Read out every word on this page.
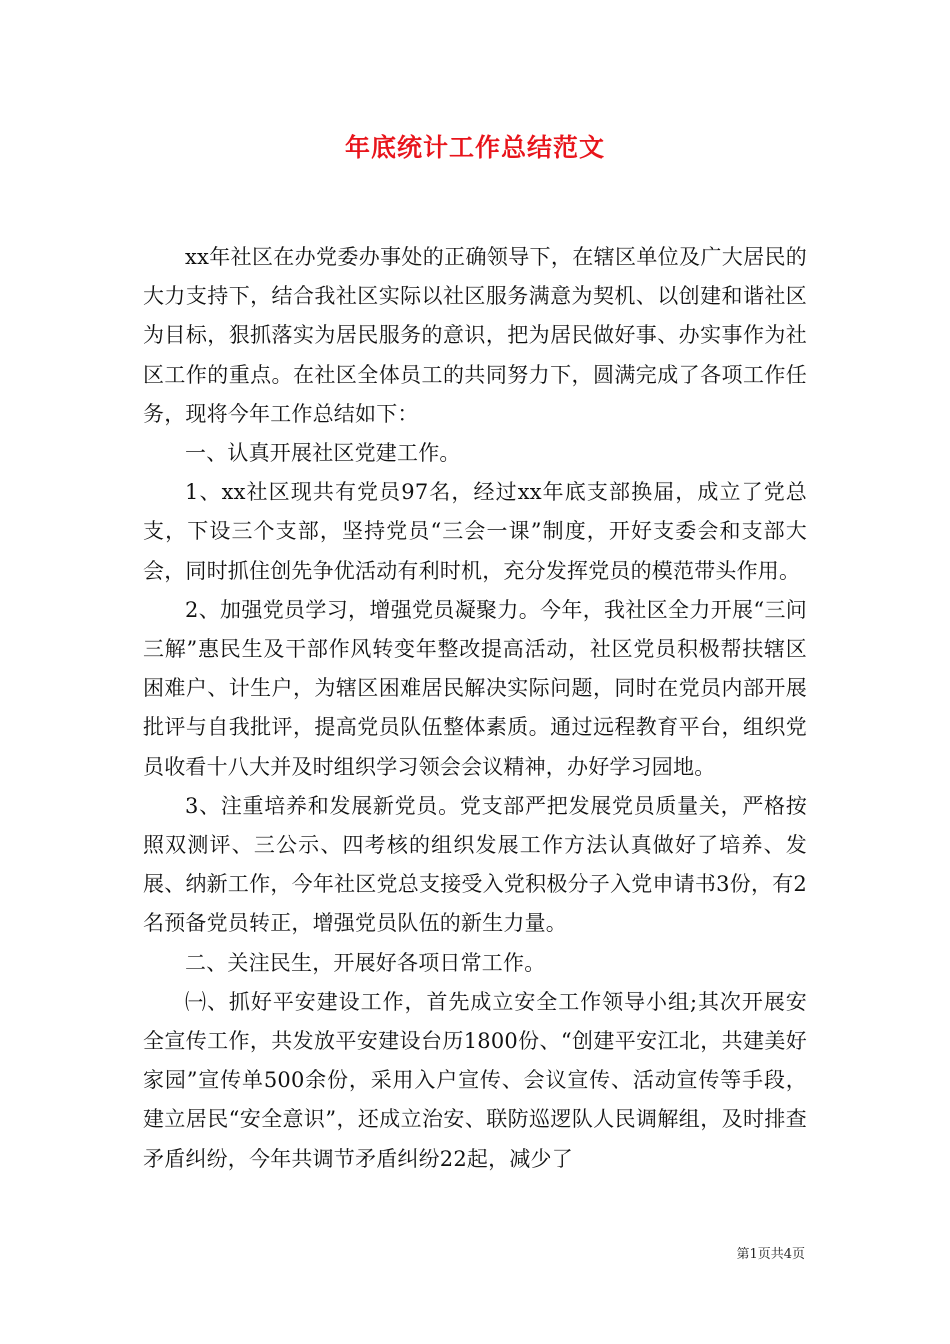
年底统计工作总结范文

xx年社区在办党委办事处的正确领导下，在辖区单位及广大居民的大力支持下，结合我社区实际以社区服务满意为契机、以创建和谐社区为目标，狠抓落实为居民服务的意识，把为居民做好事、办实事作为社区工作的重点。在社区全体员工的共同努力下，圆满完成了各项工作任务，现将今年工作总结如下：

一、认真开展社区党建工作。

1、xx社区现共有党员97名，经过xx年底支部换届，成立了党总支，下设三个支部，坚持党员“三会一课”制度，开好支委会和支部大会，同时抓住创先争优活动有利时机，充分发挥党员的模范带头作用。

2、加强党员学习，增强党员凝聚力。今年，我社区全力开展“三问三解”惠民生及干部作风转变年整改提高活动，社区党员积极帮扶辖区困难户、计生户，为辖区困难居民解决实际问题，同时在党员内部开展批评与自我批评，提高党员队伍整体素质。通过远程教育平台，组织党员收看十八大并及时组织学习领会会议精神，办好学习园地。

3、注重培养和发展新党员。党支部严把发展党员质量关，严格按照双测评、三公示、四考核的组织发展工作方法认真做好了培养、发展、纳新工作，今年社区党总支接受入党积极分子入党申请书3份，有2名预备党员转正，增强党员队伍的新生力量。

二、关注民生，开展好各项日常工作。

㈠、抓好平安建设工作，首先成立安全工作领导小组;其次开展安全宣传工作，共发放平安建设台历1800份、“创建平安江北，共建美好家园”宣传单500余份，采用入户宣传、会议宣传、活动宣传等手段，建立居民“安全意识”，还成立治安、联防巡逻队人民调解组，及时排查矛盾纠纷，今年共调节矛盾纠纷22起，减少了

第1页共4页
